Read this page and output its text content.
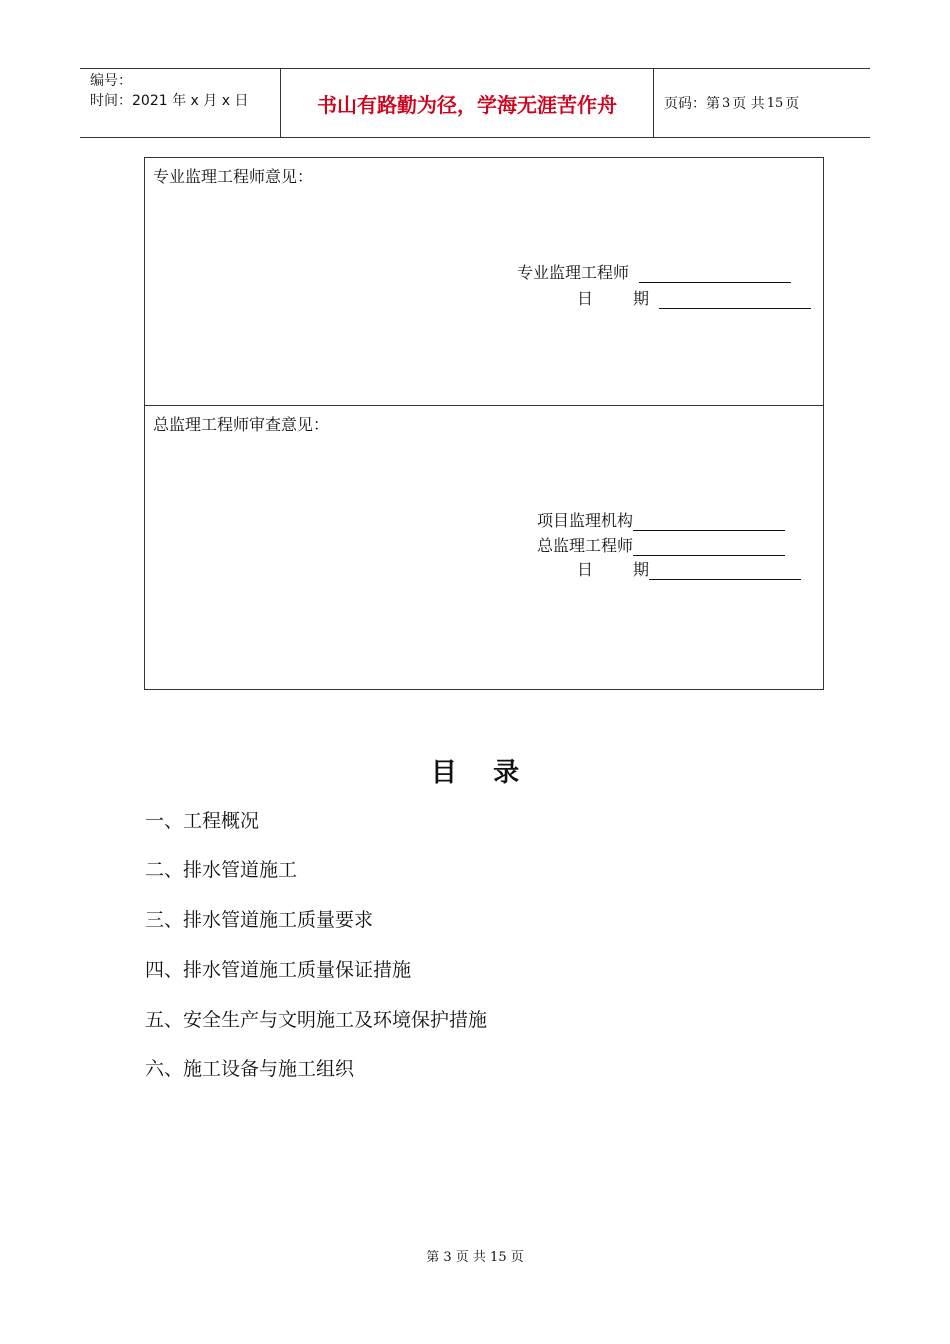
编号：
时间：2021 年 x 月 x 日	书山有路勤为径，学海无涯苦作舟	页码：第 3 页 共 15 页
专业监理工程师意见：
专业监理工程师
日	期
总监理工程师审查意见：
项目监理机构
总监理工程师
日	期
目    录
一、工程概况
二、排水管道施工
三、排水管道施工质量要求
四、排水管道施工质量保证措施
五、安全生产与文明施工及环境保护措施
六、施工设备与施工组织
第 3 页 共 15 页
